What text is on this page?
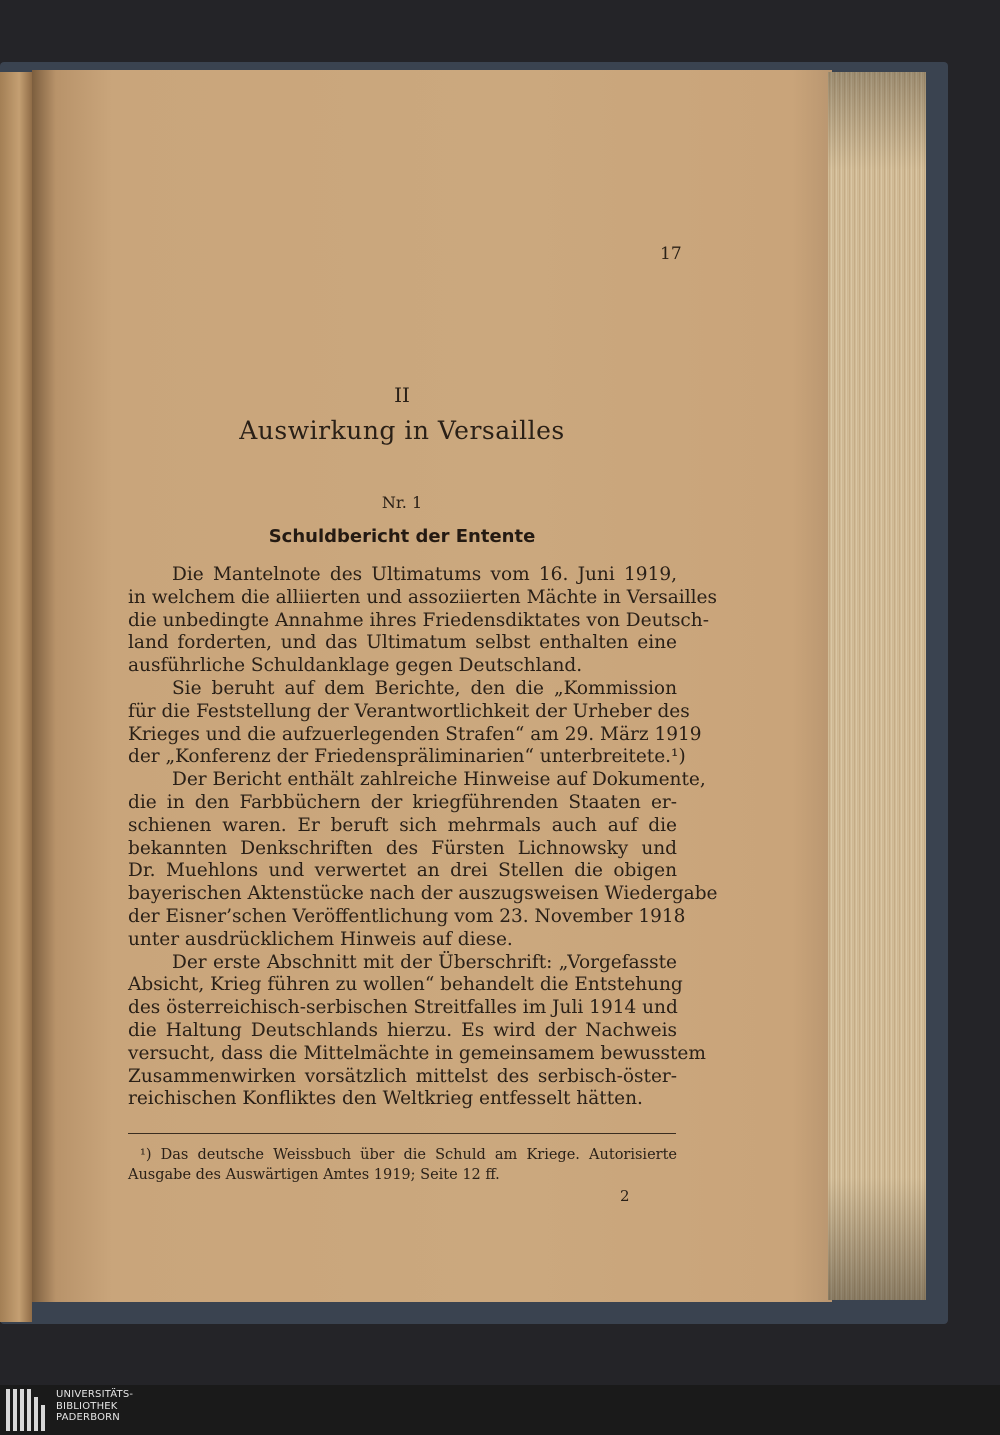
17
II
Auswirkung in Versailles
Nr. 1
Schuldbericht der Entente
Die Mantelnote des Ultimatums vom 16. Juni 1919,
in welchem die alliierten und assoziierten Mächte in Versailles
die unbedingte Annahme ihres Friedensdiktates von Deutsch-
land forderten, und das Ultimatum selbst enthalten eine
ausführliche Schuldanklage gegen Deutschland.
Sie beruht auf dem Berichte, den die „Kommission
für die Feststellung der Verantwortlichkeit der Urheber des
Krieges und die aufzuerlegenden Strafen“ am 29. März 1919
der „Konferenz der Friedenspräliminarien“ unterbreitete.¹)
Der Bericht enthält zahlreiche Hinweise auf Dokumente,
die in den Farbbüchern der kriegführenden Staaten er-
schienen waren. Er beruft sich mehrmals auch auf die
bekannten Denkschriften des Fürsten Lichnowsky und
Dr. Muehlons und verwertet an drei Stellen die obigen
bayerischen Aktenstücke nach der auszugsweisen Wiedergabe
der Eisner’schen Veröffentlichung vom 23. November 1918
unter ausdrücklichem Hinweis auf diese.
Der erste Abschnitt mit der Überschrift: „Vorgefasste
Absicht, Krieg führen zu wollen“ behandelt die Entstehung
des österreichisch-serbischen Streitfalles im Juli 1914 und
die Haltung Deutschlands hierzu. Es wird der Nachweis
versucht, dass die Mittelmächte in gemeinsamem bewusstem
Zusammenwirken vorsätzlich mittelst des serbisch-öster-
reichischen Konfliktes den Weltkrieg entfesselt hätten.
¹) Das deutsche Weissbuch über die Schuld am Kriege. Autorisierte
Ausgabe des Auswärtigen Amtes 1919; Seite 12 ff.
2
UNIVERSITÄTS-
BIBLIOTHEK
PADERBORN
